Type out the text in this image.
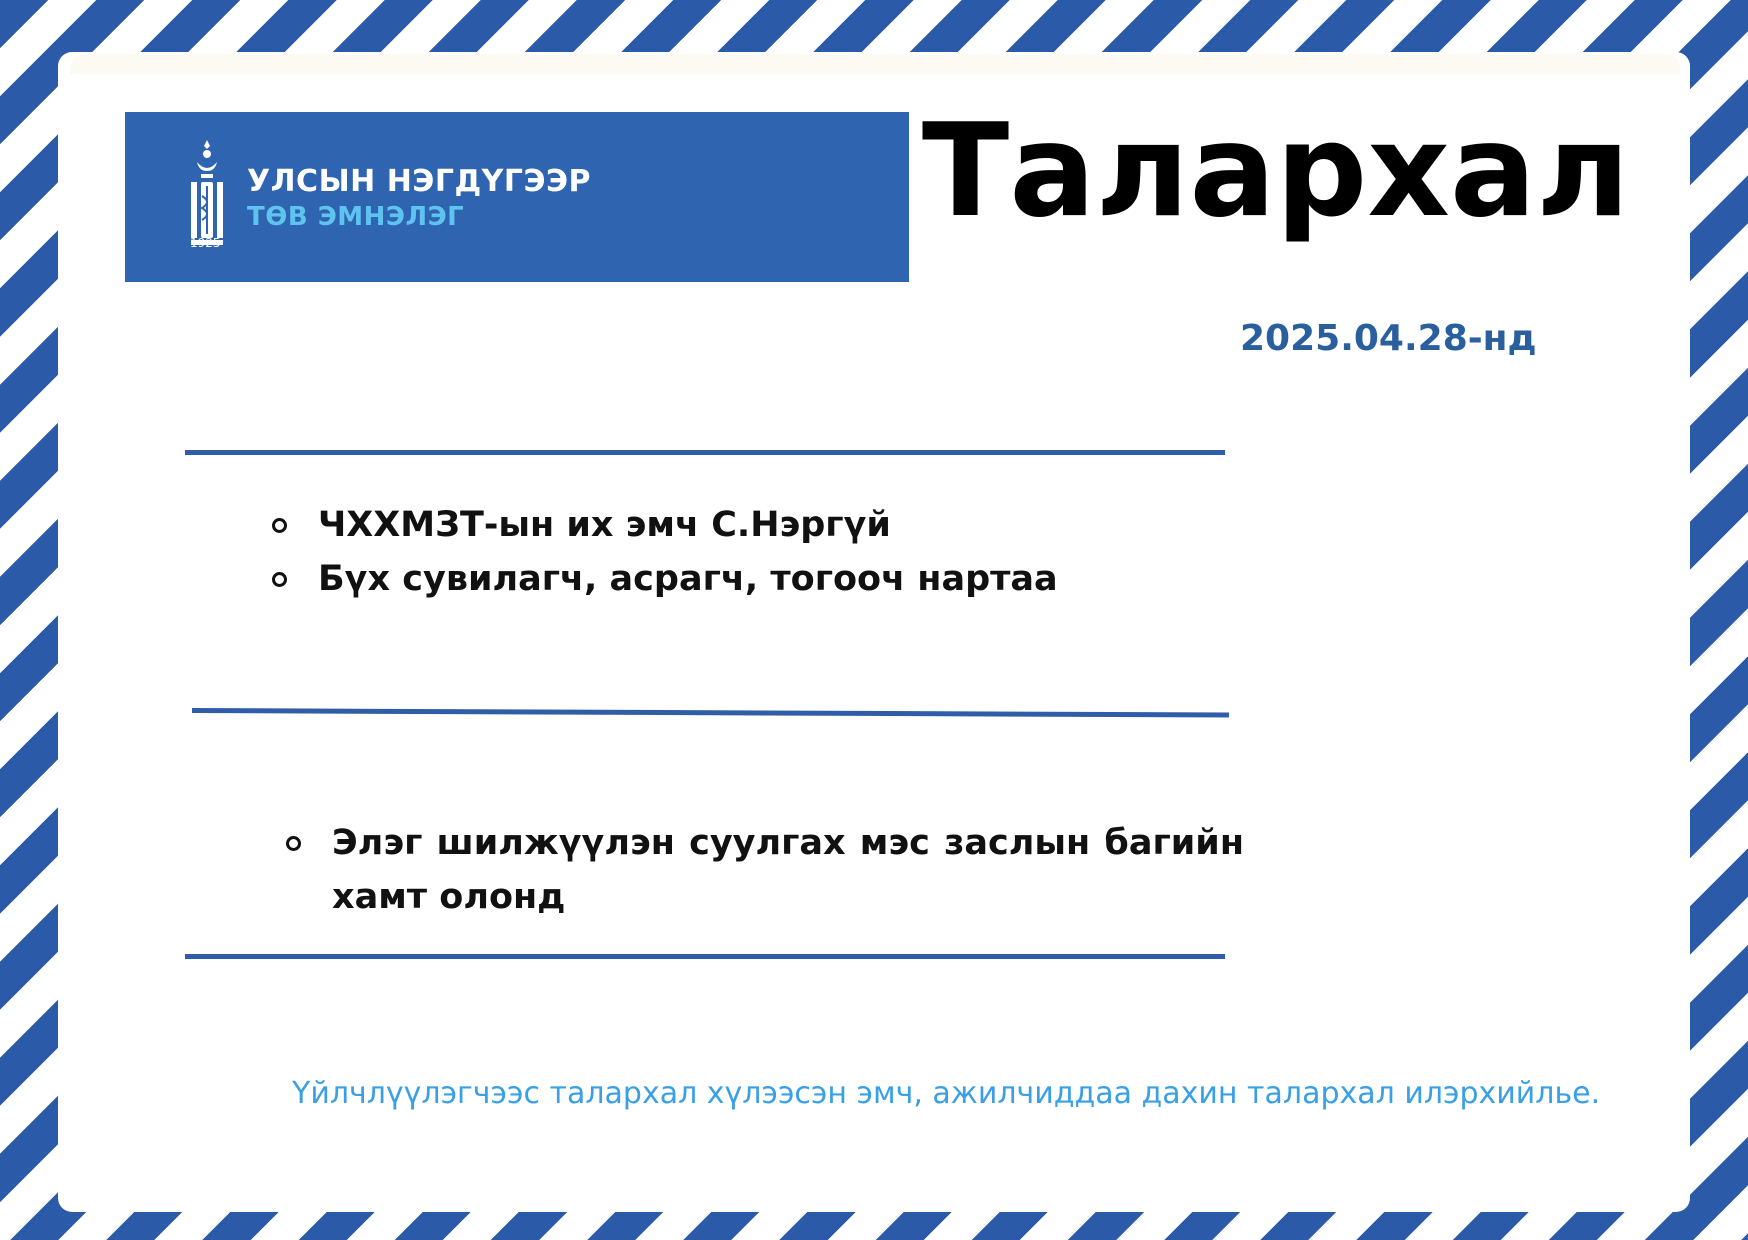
УЛСЫН НЭГДҮГЭЭР
ТӨВ ЭМНЭЛЭГ
1925	Талархал
2025.04.28-нд
ЧХХМЗТ-ын их эмч С.Нэргүй
Бүх сувилагч, асрагч, тогооч нартаа
Элэг шилжүүлэн суулгах мэс заслын багийн хамт олонд
Үйлчлүүлэгчээс талархал хүлээсэн эмч, ажилчиддаа дахин талархал илэрхийлье.
